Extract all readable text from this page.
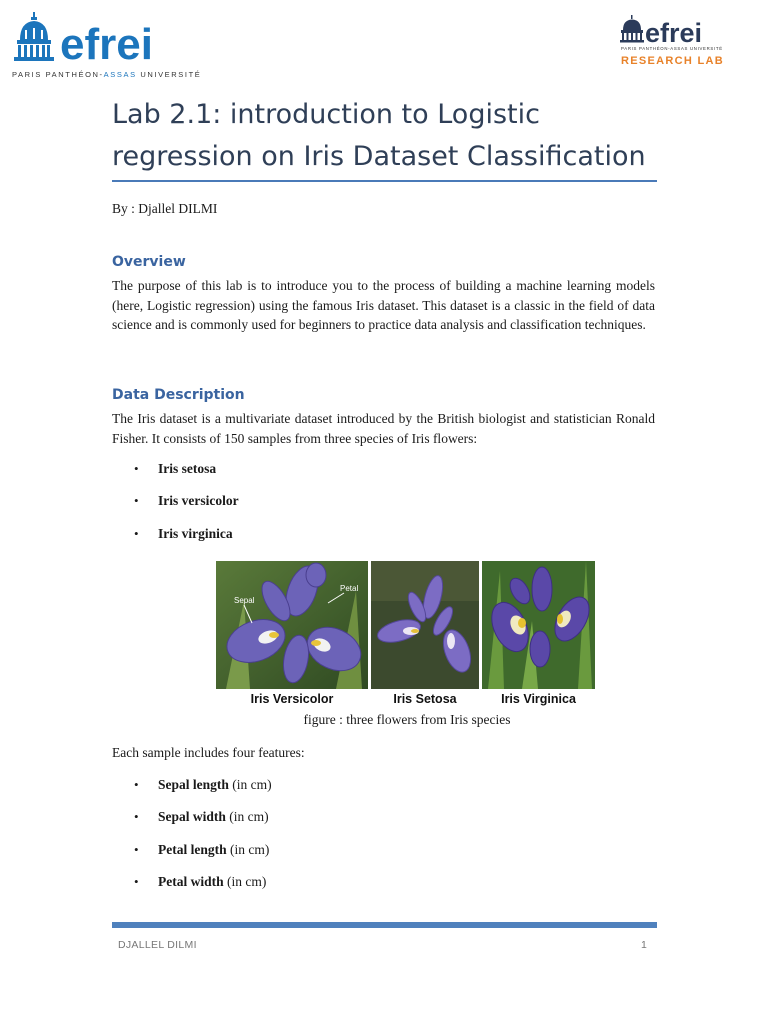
efrei
PARIS PANTHÉON-ASSAS UNIVERSITÉ
efrei
PARIS PANTHÉON-ASSAS UNIVERSITÉ
RESEARCH LAB
Lab 2.1: introduction to Logistic regression on Iris Dataset Classification
By : Djallel DILMI
Overview

The purpose of this lab is to introduce you to the process of building a machine learning models (here, Logistic regression) using the famous Iris dataset. This dataset is a classic in the field of data science and is commonly used for beginners to practice data analysis and classification techniques.

Data Description

The Iris dataset is a multivariate dataset introduced by the British biologist and statistician Ronald Fisher. It consists of 150 samples from three species of Iris flowers:

• Iris setosa
• Iris versicolor
• Iris virginica
Sepal
Petal
Iris Versicolor	Iris Setosa	Iris Virginica
figure : three flowers from Iris species
Each sample includes four features:
• Sepal length (in cm)
• Sepal width (in cm)
• Petal length (in cm)
• Petal width (in cm)
DJALLEL DILMI	1
